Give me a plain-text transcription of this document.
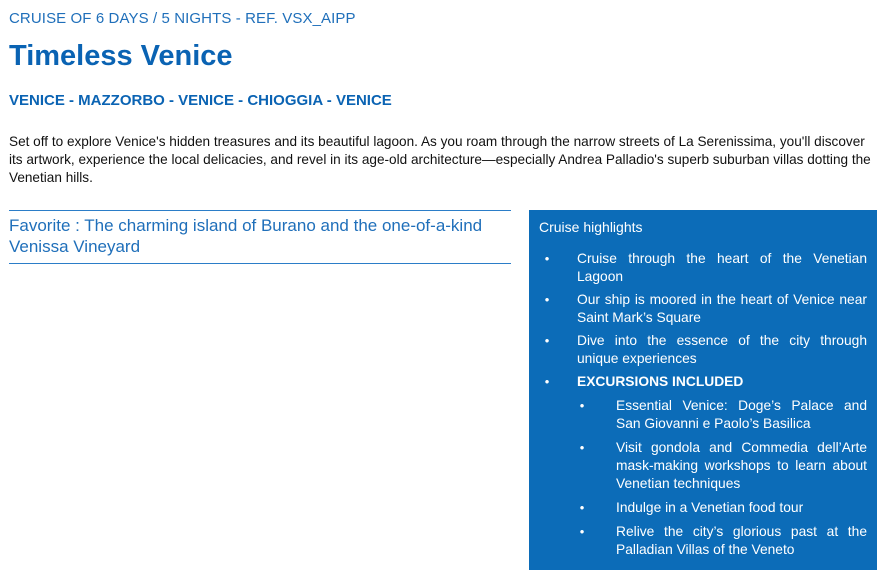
CRUISE OF 6 DAYS / 5 NIGHTS - REF. VSX_AIPP
Timeless Venice
VENICE - MAZZORBO - VENICE - CHIOGGIA - VENICE

Set off to explore Venice's hidden treasures and its beautiful lagoon. As you roam through the narrow streets of La Serenissima, you'll discover its artwork, experience the local delicacies, and revel in its age-old architecture—especially Andrea Palladio's superb suburban villas dotting the Venetian hills.

Favorite : The charming island of Burano and the one-of-a-kind Venissa Vineyard
Cruise highlights
•	Cruise through the heart of the Venetian Lagoon
•	Our ship is moored in the heart of Venice near Saint Mark’s Square
•	Dive into the essence of the city through unique experiences
•	EXCURSIONS INCLUDED
• Essential Venice: Doge’s Palace and San Giovanni e Paolo’s Basilica
• Visit gondola and Commedia dell’Arte mask-making workshops to learn about Venetian techniques
• Indulge in a Venetian food tour
• Relive the city’s glorious past at the Palladian Villas of the Veneto
